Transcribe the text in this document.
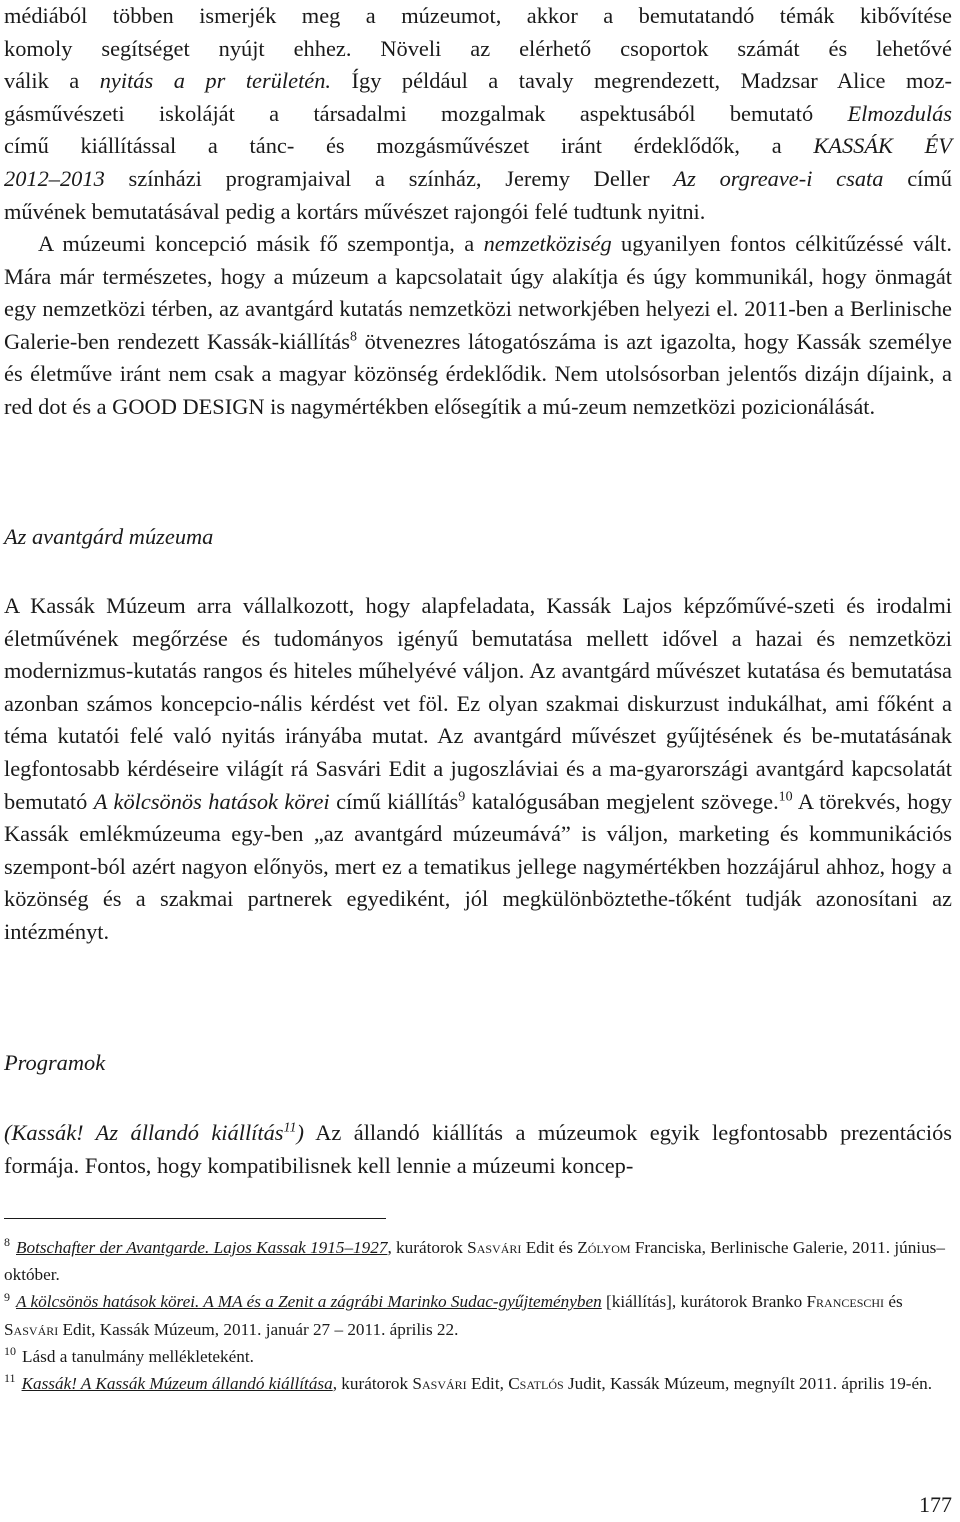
médiából többen ismerjék meg a múzeumot, akkor a bemutatandó témák kibővítése

komoly segítséget nyújt ehhez. Növeli az elérhető csoportok számát és lehetővé

válik a nyitás a pr területén. Így például a tavaly megrendezett, Madzsar Alice moz-

gásművészeti iskoláját a társadalmi mozgalmak aspektusából bemutató Elmozdulás

című kiállítással a tánc- és mozgásművészet iránt érdeklődők, a KASSÁK ÉV

2012–2013 színházi programjaival a színház, Jeremy Deller Az orgreave-i csata című

művének bemutatásával pedig a kortárs művészet rajongói felé tudtunk nyitni.

A múzeumi koncepció másik fő szempontja, a nemzetköziség ugyanilyen fontos célkitűzéssé vált. Mára már természetes, hogy a múzeum a kapcsolatait úgy alakítja és úgy kommunikál, hogy önmagát egy nemzetközi térben, az avantgárd kutatás nemzetközi networkjében helyezi el. 2011-ben a Berlinische Galerie-ben rendezett Kassák-kiállítás$^8$ ötvenezres látogatószáma is azt igazolta, hogy Kassák személye és életműve iránt nem csak a magyar közönség érdeklődik. Nem utolsósorban jelentős dizájn díjaink, a red dot és a GOOD DESIGN is nagymértékben elősegítik a mú-zeum nemzetközi pozicionálását.

Az avantgárd múzeuma

A Kassák Múzeum arra vállalkozott, hogy alapfeladata, Kassák Lajos képzőművé-szeti és irodalmi életművének megőrzése és tudományos igényű bemutatása mellett idővel a hazai és nemzetközi modernizmus-kutatás rangos és hiteles műhelyévé váljon. Az avantgárd művészet kutatása és bemutatása azonban számos koncepcio-nális kérdést vet föl. Ez olyan szakmai diskurzust indukálhat, ami főként a téma kutatói felé való nyitás irányába mutat. Az avantgárd művészet gyűjtésének és be-mutatásának legfontosabb kérdéseire világít rá Sasvári Edit a jugoszláviai és a ma-gyarországi avantgárd kapcsolatát bemutató A kölcsönös hatások körei című kiállítás$^9$ katalógusában megjelent szövege.$^{10}$ A törekvés, hogy Kassák emlékmúzeuma egy-ben „az avantgárd múzeumává” is váljon, marketing és kommunikációs szempont-ból azért nagyon előnyös, mert ez a tematikus jellege nagymértékben hozzájárul ahhoz, hogy a közönség és a szakmai partnerek egyediként, jól megkülönböztethe-tőként tudják azonosítani az intézményt.

Programok

(Kassák! Az állandó kiállítás$^{11}$) Az állandó kiállítás a múzeumok egyik legfontosabb prezentációs formája. Fontos, hogy kompatibilisnek kell lennie a múzeumi koncep-

$^8$ Botschafter der Avantgarde. Lajos Kassak 1915–1927, kurátorok Sasvári Edit és Zólyom Franciska, Berlinische Galerie, 2011. június–október.

$^9$ A kölcsönös hatások körei. A MA és a Zenit a zágrábi Marinko Sudac-gyűjteményben [kiállítás], kurátorok Branko Franceschi és Sasvári Edit, Kassák Múzeum, 2011. január 27 – 2011. április 22.

$^{10}$ Lásd a tanulmány mellékleteként.

$^{11}$ Kassák! A Kassák Múzeum állandó kiállítása, kurátorok Sasvári Edit, Csatlós Judit, Kassák Múzeum, megnyílt 2011. április 19-én.

177
